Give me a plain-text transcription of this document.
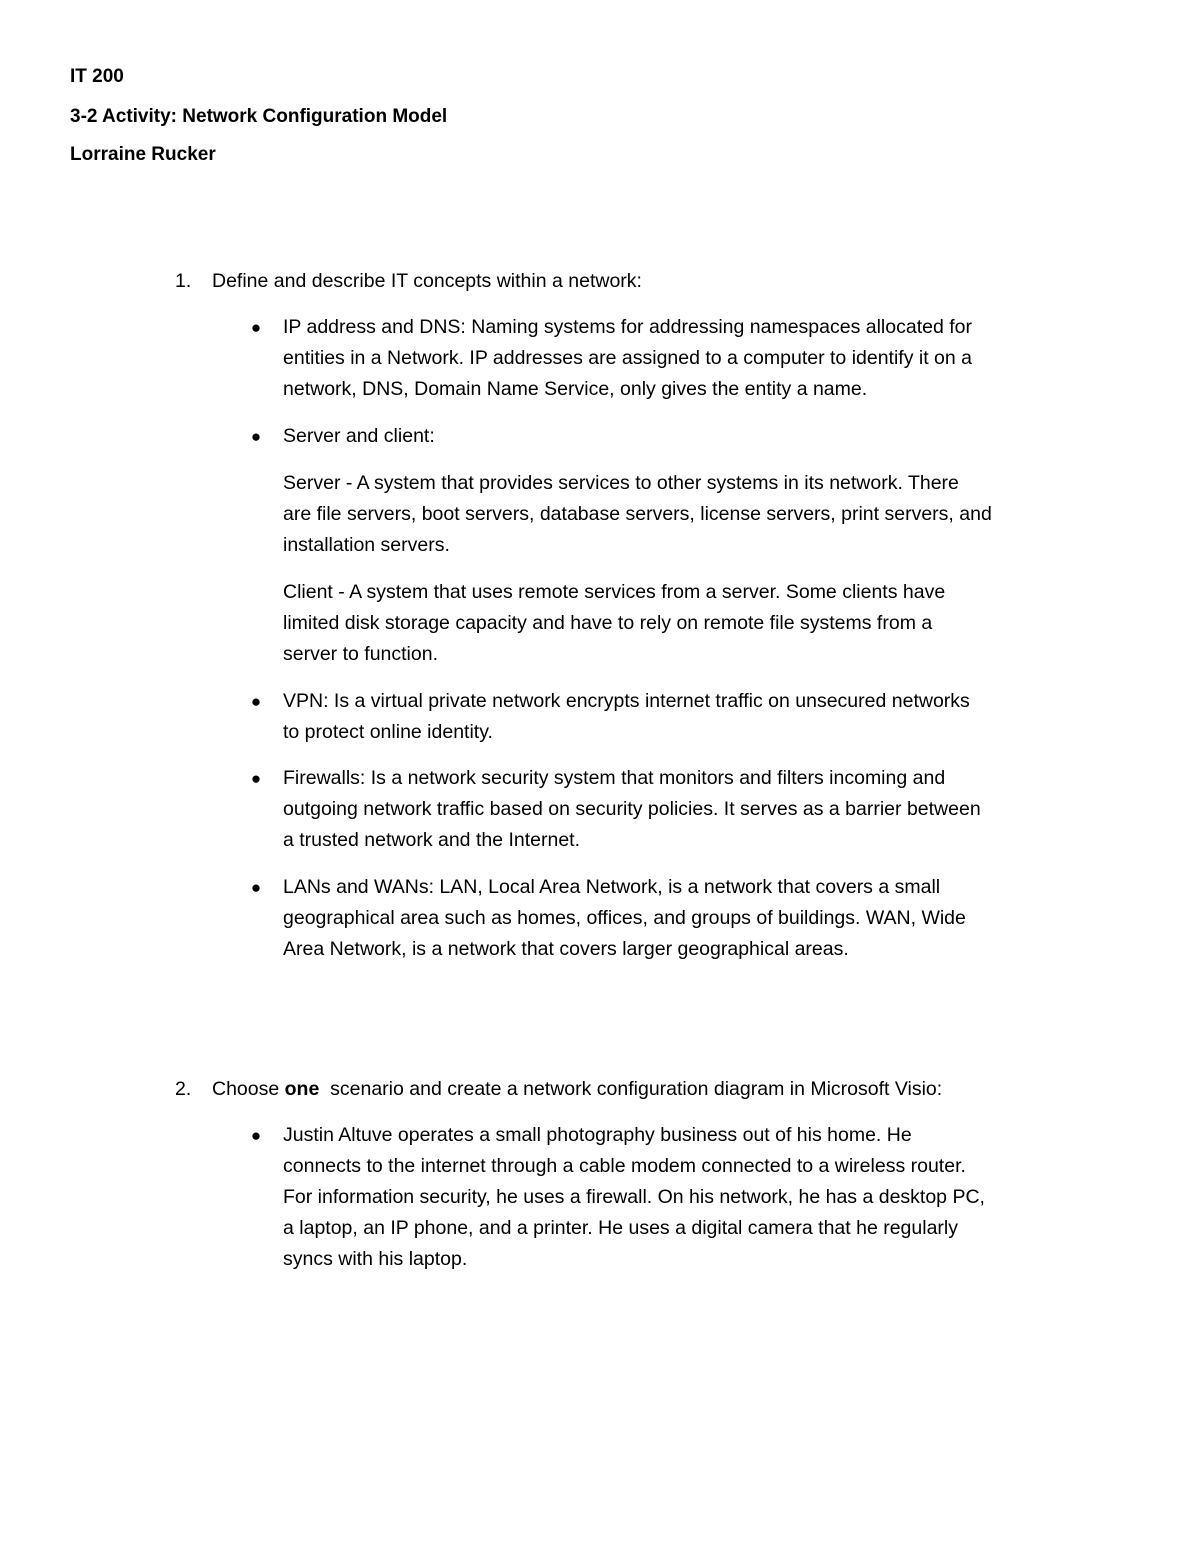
IT 200
3-2 Activity: Network Configuration Model
Lorraine Rucker
1. Define and describe IT concepts within a network:
● IP address and DNS: Naming systems for addressing namespaces allocated for
entities in a Network. IP addresses are assigned to a computer to identify it on a
network, DNS, Domain Name Service, only gives the entity a name.
● Server and client:
Server - A system that provides services to other systems in its network. There
are file servers, boot servers, database servers, license servers, print servers, and
installation servers.
Client - A system that uses remote services from a server. Some clients have
limited disk storage capacity and have to rely on remote file systems from a
server to function.
● VPN: Is a virtual private network encrypts internet traffic on unsecured networks
to protect online identity.
● Firewalls: Is a network security system that monitors and filters incoming and
outgoing network traffic based on security policies. It serves as a barrier between
a trusted network and the Internet.
● LANs and WANs: LAN, Local Area Network, is a network that covers a small
geographical area such as homes, offices, and groups of buildings. WAN, Wide
Area Network, is a network that covers larger geographical areas.
2. Choose one  scenario and create a network configuration diagram in Microsoft Visio:
● Justin Altuve operates a small photography business out of his home. He
connects to the internet through a cable modem connected to a wireless router.
For information security, he uses a firewall. On his network, he has a desktop PC,
a laptop, an IP phone, and a printer. He uses a digital camera that he regularly
syncs with his laptop.
